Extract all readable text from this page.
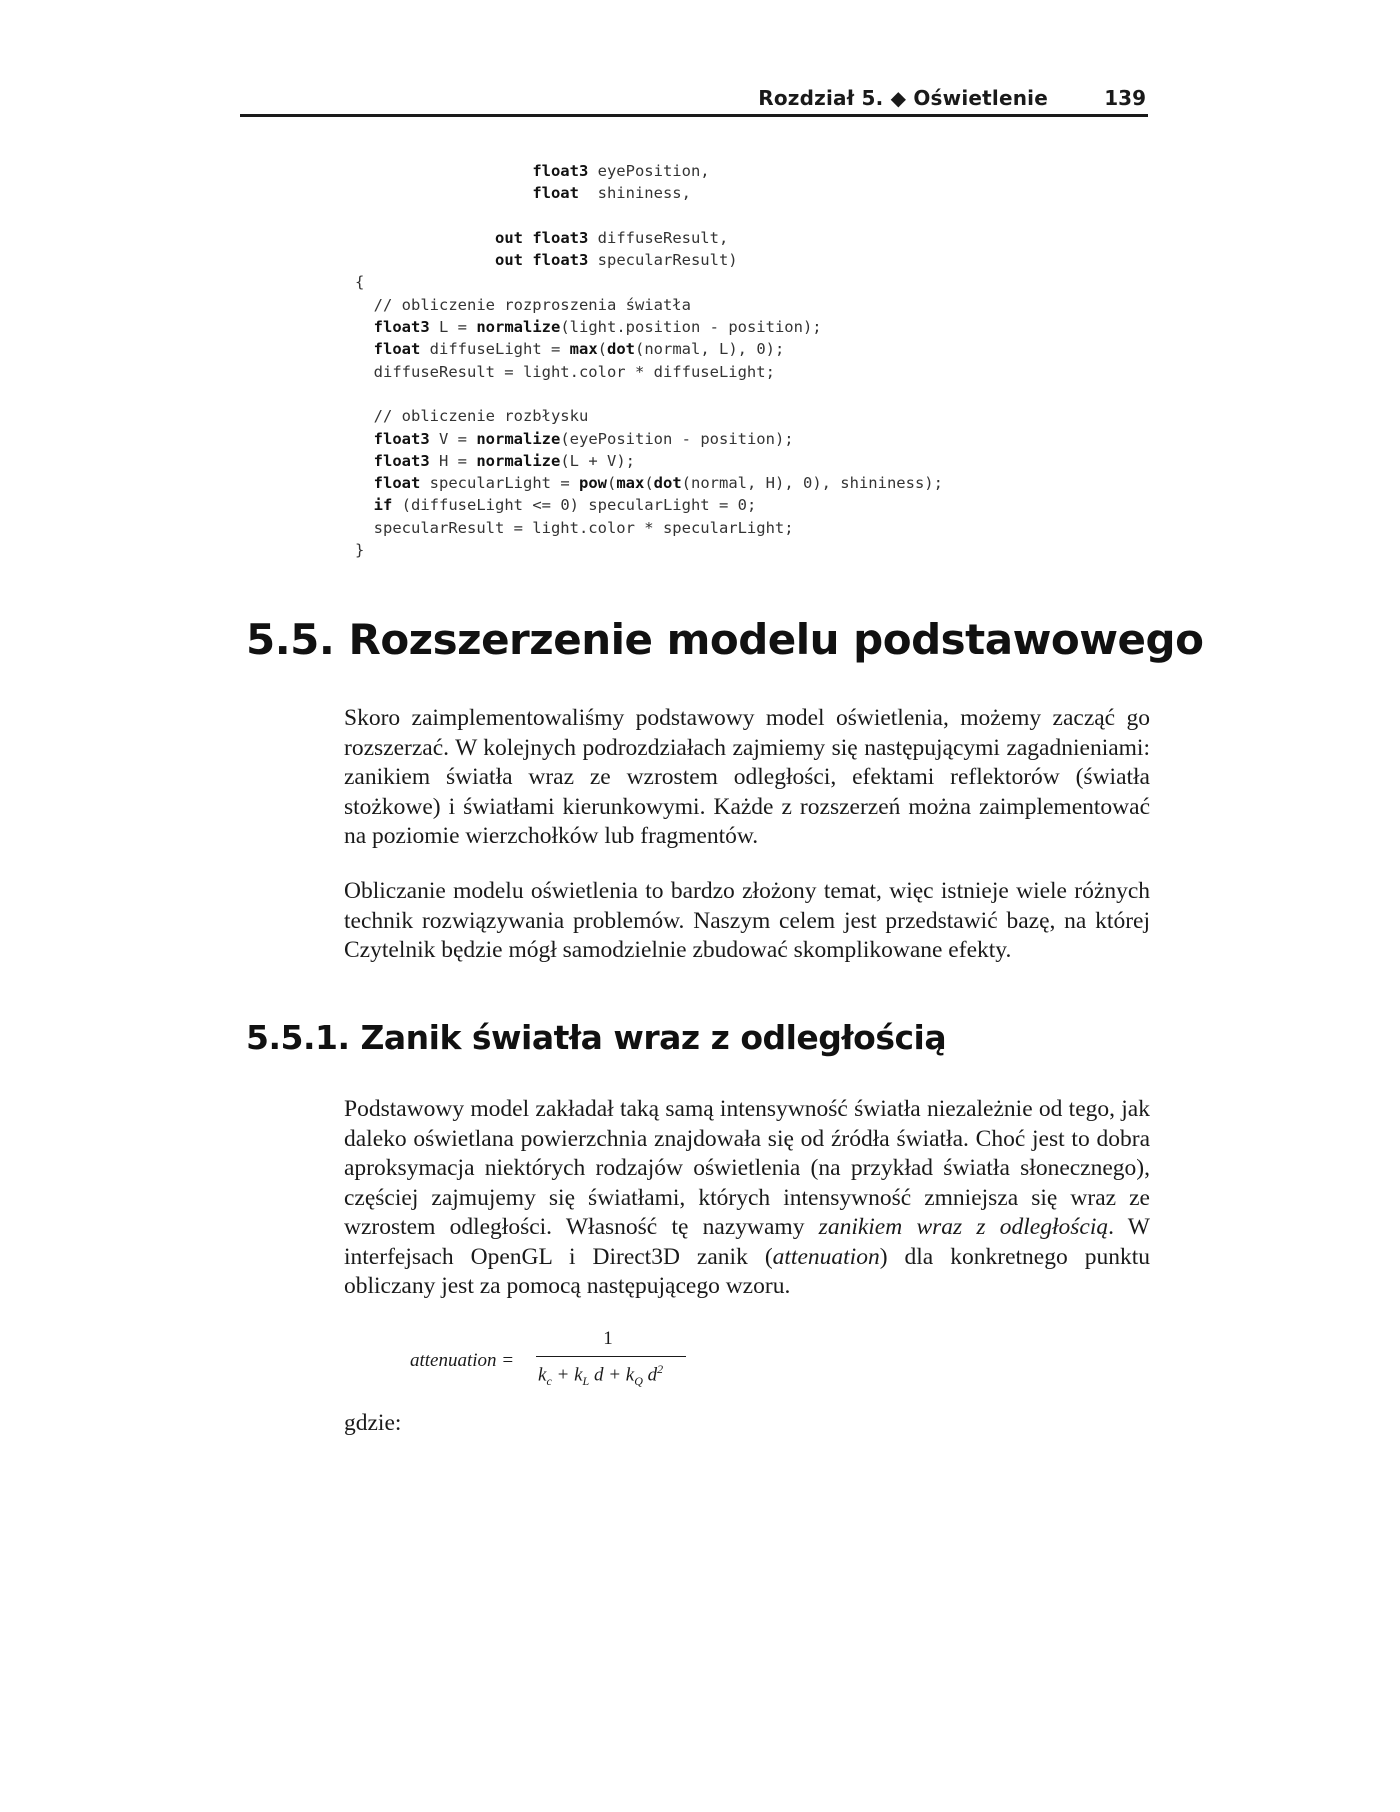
Rozdział 5. ◆ Oświetlenie	139
float3 eyePosition,
float  shininess,

out float3 diffuseResult,
out float3 specularResult)
{
// obliczenie rozproszenia światła
float3 L = normalize(light.position - position);
float diffuseLight = max(dot(normal, L), 0);
diffuseResult = light.color * diffuseLight;

// obliczenie rozbłysku
float3 V = normalize(eyePosition - position);
float3 H = normalize(L + V);
float specularLight = pow(max(dot(normal, H), 0), shininess);
if (diffuseLight <= 0) specularLight = 0;
specularResult = light.color * specularLight;
}
5.5. Rozszerzenie modelu podstawowego

Skoro zaimplementowaliśmy podstawowy model oświetlenia, możemy zacząć go rozszerzać. W kolejnych podrozdziałach zajmiemy się następującymi zagadnieniami: zanikiem światła wraz ze wzrostem odległości, efektami reflektorów (światła stożkowe) i światłami kierunkowymi. Każde z rozszerzeń można zaimplementować na poziomie wierzchołków lub fragmentów.

Obliczanie modelu oświetlenia to bardzo złożony temat, więc istnieje wiele różnych technik rozwiązywania problemów. Naszym celem jest przedstawić bazę, na której Czytelnik będzie mógł samodzielnie zbudować skomplikowane efekty.

5.5.1. Zanik światła wraz z odległością

Podstawowy model zakładał taką samą intensywność światła niezależnie od tego, jak daleko oświetlana powierzchnia znajdowała się od źródła światła. Choć jest to dobra aproksymacja niektórych rodzajów oświetlenia (na przykład światła słonecznego), częściej zajmujemy się światłami, których intensywność zmniejsza się wraz ze wzrostem odległości. Własność tę nazywamy zanikiem wraz z odległością. W interfejsach OpenGL i Direct3D zanik (attenuation) dla konkretnego punktu obliczany jest za pomocą następującego wzoru.

attenuation =
1
$k_c + k_L$ $d + k_Q$ $d^2$
gdzie:
